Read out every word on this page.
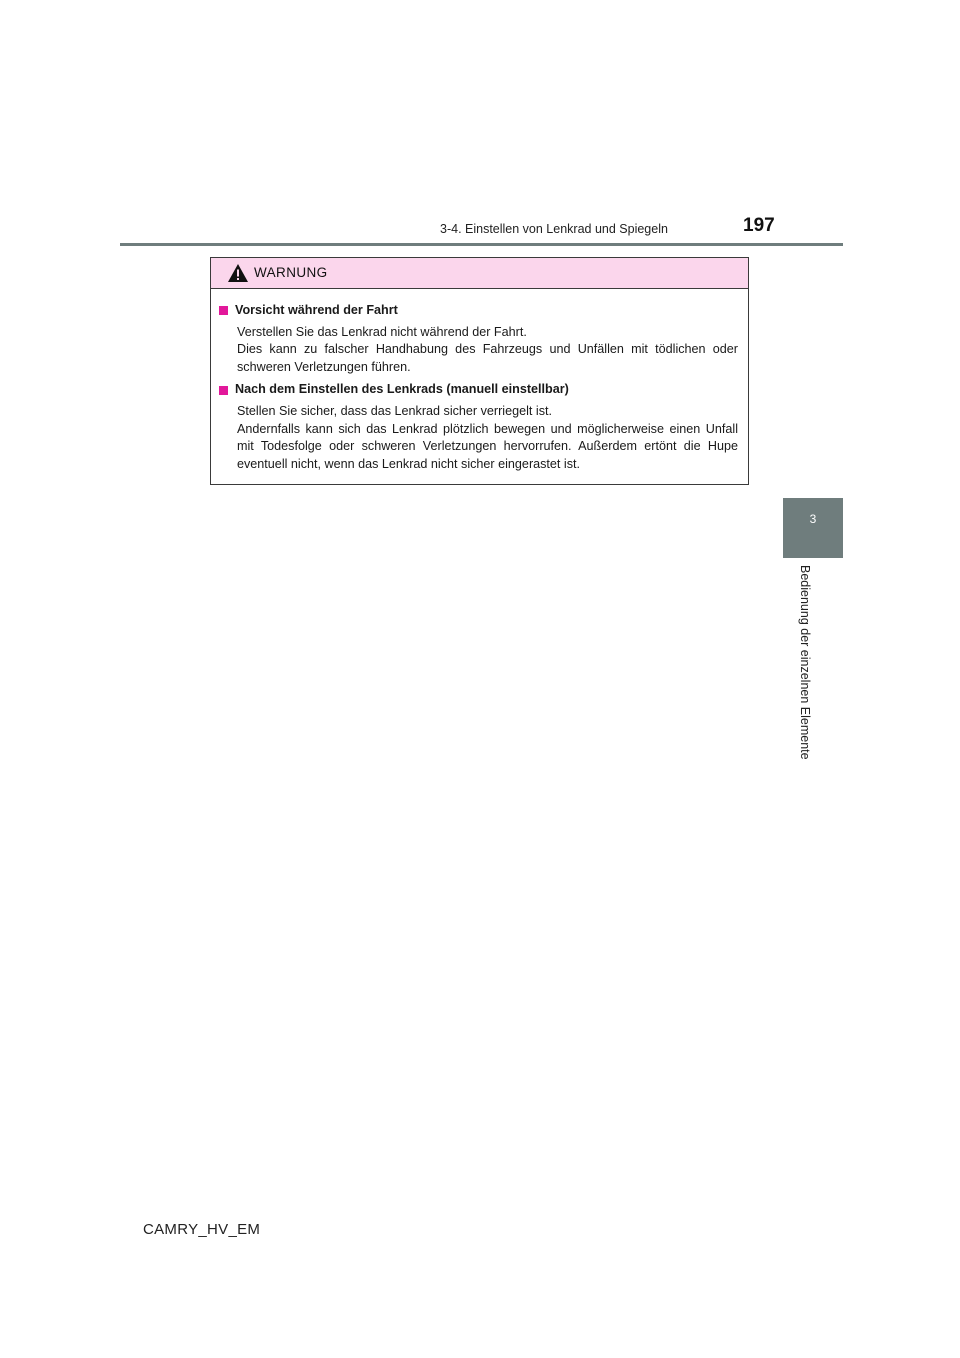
3-4. Einstellen von Lenkrad und Spiegeln	197
3
Bedienung der einzelnen Elemente
WARNUNG
Vorsicht während der Fahrt

Verstellen Sie das Lenkrad nicht während der Fahrt.

Dies kann zu falscher Handhabung des Fahrzeugs und Unfällen mit tödlichen oder schweren Verletzungen führen.

Nach dem Einstellen des Lenkrads (manuell einstellbar)

Stellen Sie sicher, dass das Lenkrad sicher verriegelt ist.

Andernfalls kann sich das Lenkrad plötzlich bewegen und möglicherweise einen Unfall mit Todesfolge oder schweren Verletzungen hervorrufen. Außerdem ertönt die Hupe eventuell nicht, wenn das Lenkrad nicht sicher eingerastet ist.

CAMRY_HV_EM
